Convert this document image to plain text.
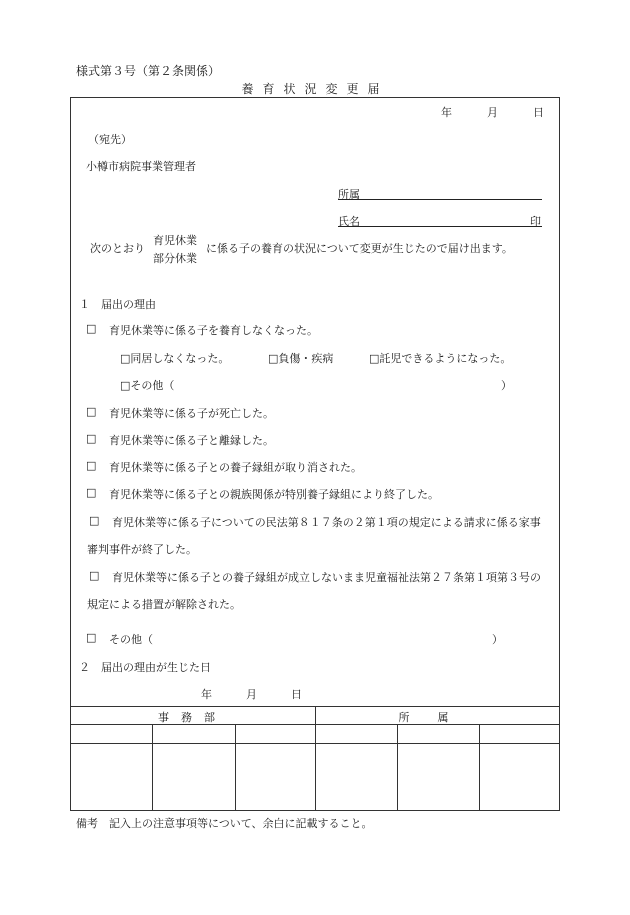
様式第３号（第２条関係）
養育状況変更届
年	月	日
（宛先）
小樽市病院事業管理者
所属
氏名	印
次のとおり
育児休業
部分休業
に係る子の養育の状況について変更が生じたので届け出ます。
１　届出の理由
□ 育児休業等に係る子を養育しなくなった。
□同居しなくなった。	□負傷・疾病	□託児できるようになった。
□その他（	）
□ 育児休業等に係る子が死亡した。
□ 育児休業等に係る子と離縁した。
□ 育児休業等に係る子との養子縁組が取り消された。
□ 育児休業等に係る子との親族関係が特別養子縁組により終了した。
□ 育児休業等に係る子についての民法第８１７条の２第１項の規定による請求に係る家事
審判事件が終了した。
□ 育児休業等に係る子との養子縁組が成立しないまま児童福祉法第２７条第１項第３号の
規定による措置が解除された。
□ その他（	）
２　届出の理由が生じた日
年	月	日
事務部	所属
備考　記入上の注意事項等について、余白に記載すること。
